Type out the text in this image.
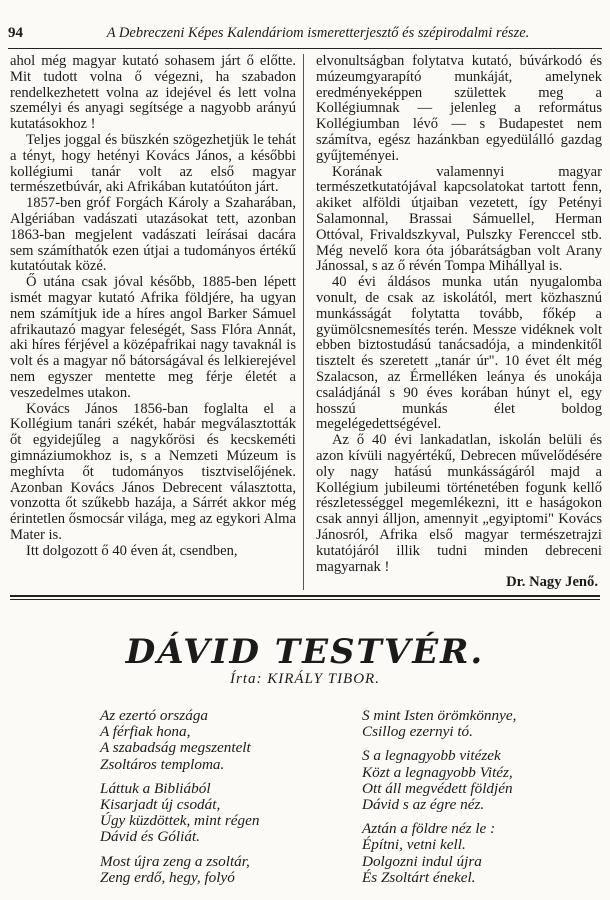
94	A Debreczeni Képes Kalendáriom ismeretterjesztő és szépirodalmi része.

ahol még magyar kutató sohasem járt ő előtte. Mit tudott volna ő végezni, ha szabadon rendelkezhetett volna az idejével és lett volna személyi és anyagi segítsége a nagyobb arányú kutatásokhoz !

Teljes joggal és büszkén szögezhetjük le tehát a tényt, hogy hetényi Kovács János, a későbbi kollégiumi tanár volt az első magyar természetbúvár, aki Afrikában kutatóúton járt.

1857-ben gróf Forgách Károly a Szaharában, Algériában vadászati utazásokat tett, azonban 1863-ban megjelent vadászati leírásai dacára sem számíthatók ezen útjai a tudományos értékű kutatóutak közé.

Ő utána csak jóval később, 1885-ben lépett ismét magyar kutató Afrika földjére, ha ugyan nem számítjuk ide a híres angol Barker Sámuel afrikautazó magyar feleségét, Sass Flóra Annát, aki híres férjével a középafrikai nagy tavaknál is volt és a magyar nő bátorságával és lelkierejével nem egyszer mentette meg férje életét a veszedelmes utakon.

Kovács János 1856-ban foglalta el a Kollégium tanári székét, habár megválasztották őt egyidejűleg a nagykőrösi és kecskeméti gimnáziumokhoz is, s a Nemzeti Múzeum is meghívta őt tudományos tisztviselőjének. Azonban Kovács János Debrecent választotta, vonzotta őt szűkebb hazája, a Sárrét akkor még érintetlen ősmocsár világa, meg az egykori Alma Mater is.

Itt dolgozott ő 40 éven át, csendben,

elvonultságban folytatva kutató, búvárkodó és múzeumgyarapító munkáját, amelynek eredményeképpen születtek meg a Kollégiumnak — jelenleg a református Kollégiumban lévő — s Budapestet nem számítva, egész hazánkban egyedülálló gazdag gyűjteményei.

Korának valamennyi magyar természetkutatójával kapcsolatokat tartott fenn, akiket alföldi útjaiban vezetett, így Petényi Salamonnal, Brassai Sámuellel, Herman Ottóval, Frivaldszkyval, Pulszky Ferenccel stb. Még nevelő kora óta jóbarátságban volt Arany Jánossal, s az ő révén Tompa Mihállyal is.

40 évi áldásos munka után nyugalomba vonult, de csak az iskolától, mert közhasznú munkásságát folytatta tovább, főkép a gyümölcsnemesítés terén. Messze vidéknek volt ebben biztostudású tanácsadója, a mindenkitől tisztelt és szeretett „tanár úr". 10 évet élt még Szalacson, az Érmelléken leánya és unokája családjánál s 90 éves korában húnyt el, egy hosszú munkás élet boldog megelégedettségével.

Az ő 40 évi lankadatlan, iskolán belüli és azon kívüli nagyértékű, Debrecen művelődésére oly nagy hatású munkásságáról majd a Kollégium jubileumi történetében fogunk kellő részletességgel megemlékezni, itt e haságokon csak annyi álljon, amennyit „egyiptomi" Kovács Jánosról, Afrika első magyar természetrajzi kutatójáról illik tudni minden debreceni magyarnak !

Dr. Nagy Jenő.

DÁVID TESTVÉR.
Írta: KIRÁLY TIBOR.
Az ezertó országa
A férfiak hona,
A szabadság megszentelt
Zsoltáros temploma.
Láttuk a Bibliából
Kisarjadt új csodát,
Úgy küzdöttek, mint régen
Dávid és Góliát.
Most újra zeng a zsoltár,
Zeng erdő, hegy, folyó
S mint Isten örömkönnye,
Csillog ezernyi tó.
S a legnagyobb vitézek
Közt a legnagyobb Vitéz,
Ott áll megvédett földjén
Dávid s az égre néz.
Aztán a földre néz le :
Építni, vetni kell.
Dolgozni indul újra
És Zsoltárt énekel.
